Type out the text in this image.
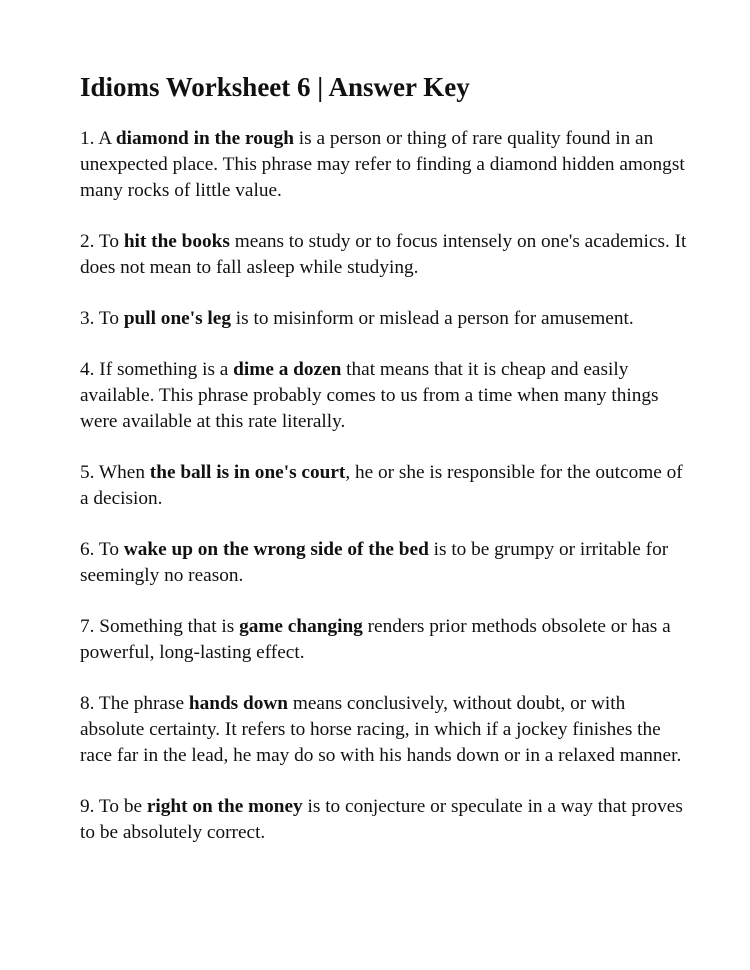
Idioms Worksheet 6 | Answer Key

1. A diamond in the rough is a person or thing of rare quality found in an unexpected place. This phrase may refer to finding a diamond hidden amongst many rocks of little value.

2. To hit the books means to study or to focus intensely on one's academics. It does not mean to fall asleep while studying.

3. To pull one's leg is to misinform or mislead a person for amusement.

4. If something is a dime a dozen that means that it is cheap and easily available. This phrase probably comes to us from a time when many things were available at this rate literally.

5. When the ball is in one's court, he or she is responsible for the outcome of a decision.

6. To wake up on the wrong side of the bed is to be grumpy or irritable for seemingly no reason.

7. Something that is game changing renders prior methods obsolete or has a powerful, long-lasting effect.

8. The phrase hands down means conclusively, without doubt, or with absolute certainty. It refers to horse racing, in which if a jockey finishes the race far in the lead, he may do so with his hands down or in a relaxed manner.

9. To be right on the money is to conjecture or speculate in a way that proves to be absolutely correct.
